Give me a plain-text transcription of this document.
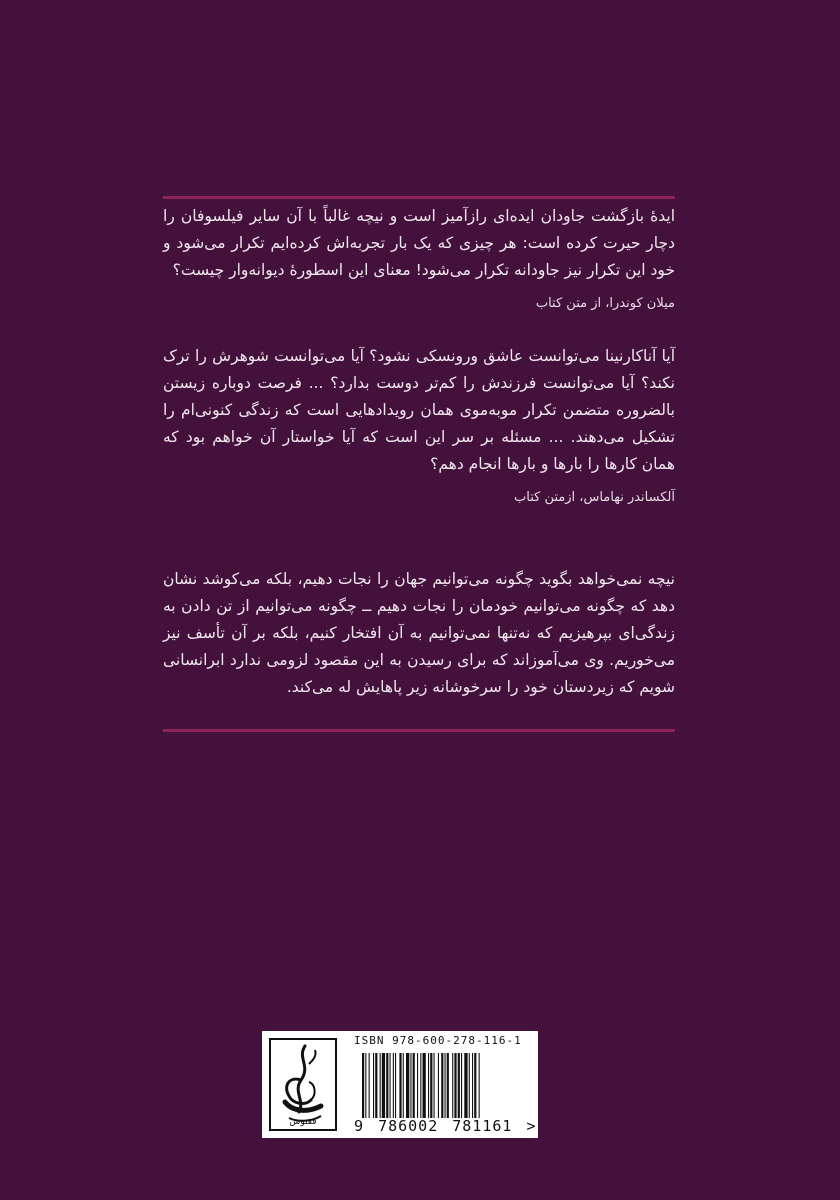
ایدهٔ بازگشت جاودان ایده‌ای رازآمیز است و نیچه غالباً با آن سایر فیلسوفان را دچار حیرت کرده است: هر چیزی که یک بار تجربه‌اش کرده‌ایم تکرار می‌شود و خود این تکرار نیز جاودانه تکرار می‌شود! معنای این اسطورهٔ دیوانه‌وار چیست؟

میلان کوندرا، از متن کتاب

آیا آناکارنینا می‌توانست عاشق ورونسکی نشود؟ آیا می‌توانست شوهرش را ترک نکند؟ آیا می‌توانست فرزندش را کم‌تر دوست بدارد؟ ... فرصت دوباره زیستن بالضروره متضمن تکرار موبه‌موی همان رویدادهایی است که زندگی کنونی‌ام را تشکیل می‌دهند. ... مسئله بر سر این است که آیا خواستار آن خواهم بود که همان کارها را بارها و بارها انجام دهم؟

آلکساندر نهاماس، ازمتن کتاب

نیچه نمی‌خواهد بگوید چگونه می‌توانیم جهان را نجات دهیم، بلکه می‌کوشد نشان دهد که چگونه می‌توانیم خودمان را نجات دهیم ــ چگونه می‌توانیم از تن دادن به زندگی‌ای بپرهیزیم که نه‌تنها نمی‌توانیم به آن افتخار کنیم، بلکه بر آن تأسف نیز می‌خوریم. وی می‌آموزاند که برای رسیدن به این مقصود لزومی ندارد ابرانسانی شویم که زیردستان خود را سرخوشانه زیر پاهایش له می‌کند.

ققنوس
ISBN 978-600-278-116-1
9 786002 781161 >
